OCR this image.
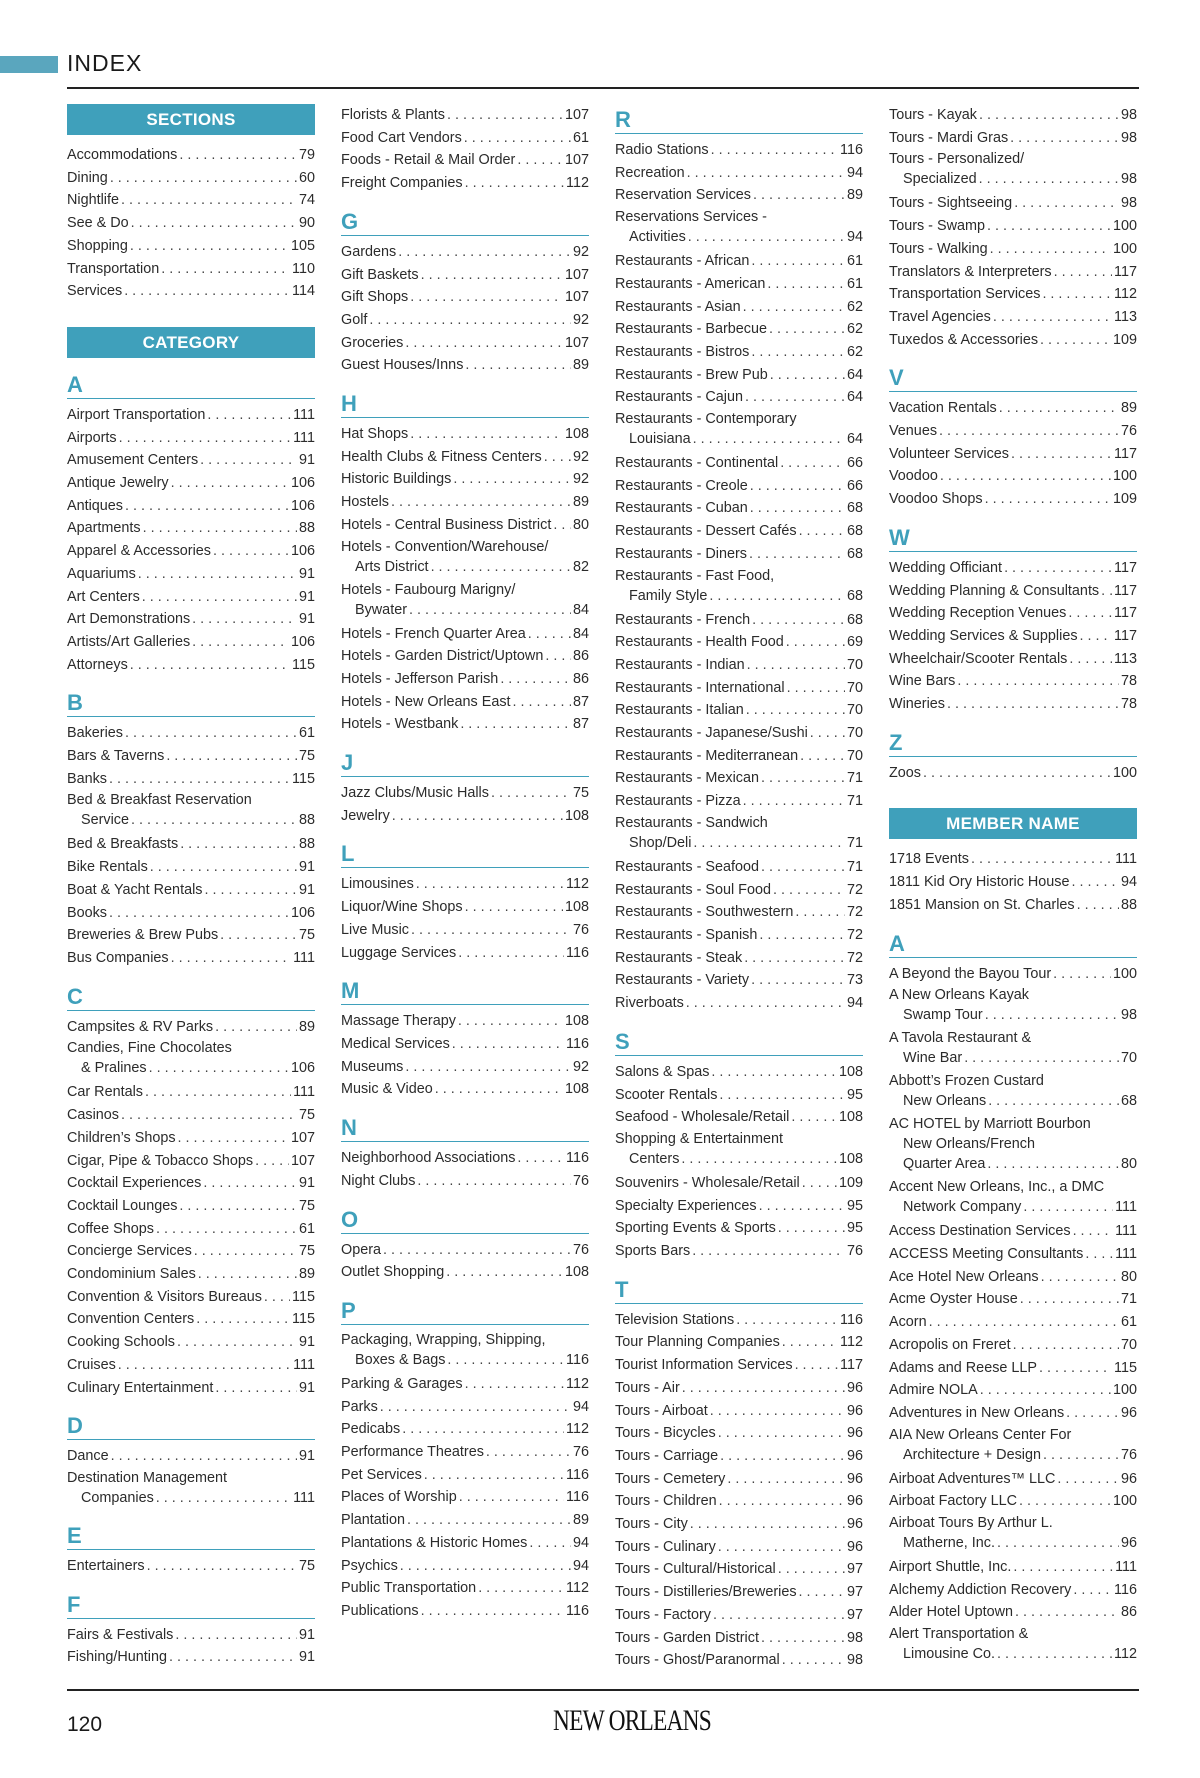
INDEX
SECTIONS
Accommodations . . .	79
Dining . . .	60
Nightlife . . .	74
See & Do . . .	90
Shopping . . .	105
Transportation . . .	110
Services . . .	114
CATEGORY
A
Airport Transportation . . .	111
Airports . . .	111
Amusement Centers . . .	91
Antique Jewelry . . .	106
Antiques . . .	106
Apartments . . .	88
Apparel & Accessories . . .	106
Aquariums . . .	91
Art Centers . . .	91
Art Demonstrations . . .	91
Artists/Art Galleries . . .	106
Attorneys . . .	115
B
Bakeries . . .	61
Bars & Taverns . . .	75
Banks . . .	115
Bed & Breakfast Reservation
Service . . .	88
Bed & Breakfasts . . .	88
Bike Rentals . . .	91
Boat & Yacht Rentals . . .	91
Books . . .	106
Breweries & Brew Pubs . . .	75
Bus Companies . . .	111
C
Campsites & RV Parks . . .	89
Candies, Fine Chocolates
& Pralines . . .	106
Car Rentals . . .	111
Casinos . . .	75
Children’s Shops . . .	107
Cigar, Pipe & Tobacco Shops . . .	107
Cocktail Experiences . . .	91
Cocktail Lounges . . .	75
Coffee Shops . . .	61
Concierge Services . . .	75
Condominium Sales . . .	89
Convention & Visitors Bureaus . . . 115
Convention Centers . . .	115
Cooking Schools . . .	91
Cruises . . .	111
Culinary Entertainment . . .	91
D
Dance . . .	91
Destination Management
Companies . . .	111
E
Entertainers . . .	75
F
Fairs & Festivals . . .	91
Fishing/Hunting . . .	91
Florists & Plants . . .	107
Food Cart Vendors . . .	61
Foods - Retail & Mail Order . . .	107
Freight Companies . . .	112
G
Gardens . . .	92
Gift Baskets . . .	107
Gift Shops . . .	107
Golf . . .	92
Groceries . . .	107
Guest Houses/Inns . . .	89
H
Hat Shops . . .	108
Health Clubs & Fitness Centers . . . 92
Historic Buildings . . .	92
Hostels . . .	89
Hotels - Central Business District . . . 80
Hotels - Convention/Warehouse/
Arts District . . .	82
Hotels - Faubourg Marigny/
Bywater . . .	84
Hotels - French Quarter Area . . .	84
Hotels - Garden District/Uptown . . . 86
Hotels - Jefferson Parish . . .	86
Hotels - New Orleans East . . .	87
Hotels - Westbank . . .	87
J
Jazz Clubs/Music Halls . . .	75
Jewelry . . .	108
L
Limousines . . .	112
Liquor/Wine Shops . . .	108
Live Music . . .	76
Luggage Services . . .	116
M
Massage Therapy . . .	108
Medical Services . . .	116
Museums . . .	92
Music & Video . . .	108
N
Neighborhood Associations . . .	116
Night Clubs . . .	76
O
Opera . . .	76
Outlet Shopping . . .	108
P
Packaging, Wrapping, Shipping,
Boxes & Bags . . .	116
Parking & Garages . . .	112
Parks . . .	94
Pedicabs . . .	112
Performance Theatres . . .	76
Pet Services . . .	116
Places of Worship . . .	116
Plantation . . .	89
Plantations & Historic Homes . . .	94
Psychics . . .	94
Public Transportation . . .	112
Publications . . .	116
R
Radio Stations . . .	116
Recreation . . .	94
Reservation Services . . .	89
Reservations Services -
Activities . . .	94
Restaurants - African . . .	61
Restaurants - American . . .	61
Restaurants - Asian . . .	62
Restaurants - Barbecue . . .	62
Restaurants - Bistros . . .	62
Restaurants - Brew Pub . . .	64
Restaurants - Cajun . . .	64
Restaurants - Contemporary
Louisiana . . .	64
Restaurants - Continental . . .	66
Restaurants - Creole . . .	66
Restaurants - Cuban . . .	68
Restaurants - Dessert Cafés . . .	68
Restaurants - Diners . . .	68
Restaurants - Fast Food,
Family Style . . .	68
Restaurants - French . . .	68
Restaurants - Health Food . . .	69
Restaurants - Indian . . .	70
Restaurants - International . . .	70
Restaurants - Italian . . .	70
Restaurants - Japanese/Sushi . . .	70
Restaurants - Mediterranean . . .	70
Restaurants - Mexican . . .	71
Restaurants - Pizza . . .	71
Restaurants - Sandwich
Shop/Deli . . .	71
Restaurants - Seafood . . .	71
Restaurants - Soul Food . . .	72
Restaurants - Southwestern . . .	72
Restaurants - Spanish . . .	72
Restaurants - Steak . . .	72
Restaurants - Variety . . .	73
Riverboats . . .	94
S
Salons & Spas . . .	108
Scooter Rentals . . .	95
Seafood - Wholesale/Retail . . .	108
Shopping & Entertainment
Centers . . .	108
Souvenirs - Wholesale/Retail . . .	109
Specialty Experiences . . .	95
Sporting Events & Sports . . .	95
Sports Bars . . .	76
T
Television Stations . . .	116
Tour Planning Companies . . .	112
Tourist Information Services . . .	117
Tours - Air . . .	96
Tours - Airboat . . .	96
Tours - Bicycles . . .	96
Tours - Carriage . . .	96
Tours - Cemetery . . .	96
Tours - Children . . .	96
Tours - City . . .	96
Tours - Culinary . . .	96
Tours - Cultural/Historical . . .	97
Tours - Distilleries/Breweries . . .	97
Tours - Factory . . .	97
Tours - Garden District . . .	98
Tours - Ghost/Paranormal . . .	98
Tours - Kayak . . .	98
Tours - Mardi Gras . . .	98
Tours - Personalized/
Specialized . . .	98
Tours - Sightseeing . . .	98
Tours - Swamp . . .	100
Tours - Walking . . .	100
Translators & Interpreters . . .	117
Transportation Services . . .	112
Travel Agencies . . .	113
Tuxedos & Accessories . . .	109
V
Vacation Rentals . . .	89
Venues . . .	76
Volunteer Services . . .	117
Voodoo . . .	100
Voodoo Shops . . .	109
W
Wedding Officiant . . .	117
Wedding Planning & Consultants . . . 117
Wedding Reception Venues . . .	117
Wedding Services & Supplies . . .	117
Wheelchair/Scooter Rentals . . .	113
Wine Bars . . .	78
Wineries . . .	78
Z
Zoos . . .	100
MEMBER NAME
1718 Events . . .	111
1811 Kid Ory Historic House . . .	94
1851 Mansion on St. Charles . . .	88
A
A Beyond the Bayou Tour . . .	100
A New Orleans Kayak
Swamp Tour . . .	98
A Tavola Restaurant &
Wine Bar . . .	70
Abbott’s Frozen Custard
New Orleans . . .	68
AC HOTEL by Marriott Bourbon
New Orleans/French
Quarter Area . . .	80
Accent New Orleans, Inc., a DMC
Network Company . . .	111
Access Destination Services . . .	111
ACCESS Meeting Consultants . . . 111
Ace Hotel New Orleans . . .	80
Acme Oyster House . . .	71
Acorn . . .	61
Acropolis on Freret . . .	70
Adams and Reese LLP . . .	115
Admire NOLA . . .	100
Adventures in New Orleans . . .	96
AIA New Orleans Center For
Architecture + Design . . .	76
Airboat Adventures™ LLC . . .	96
Airboat Factory LLC . . .	100
Airboat Tours By Arthur L.
Matherne, Inc. . . .	96
Airport Shuttle, Inc. . . .	111
Alchemy Addiction Recovery . . .	116
Alder Hotel Uptown . . .	86
Alert Transportation &
Limousine Co. . . .	112
120	NEW ORLEANS
